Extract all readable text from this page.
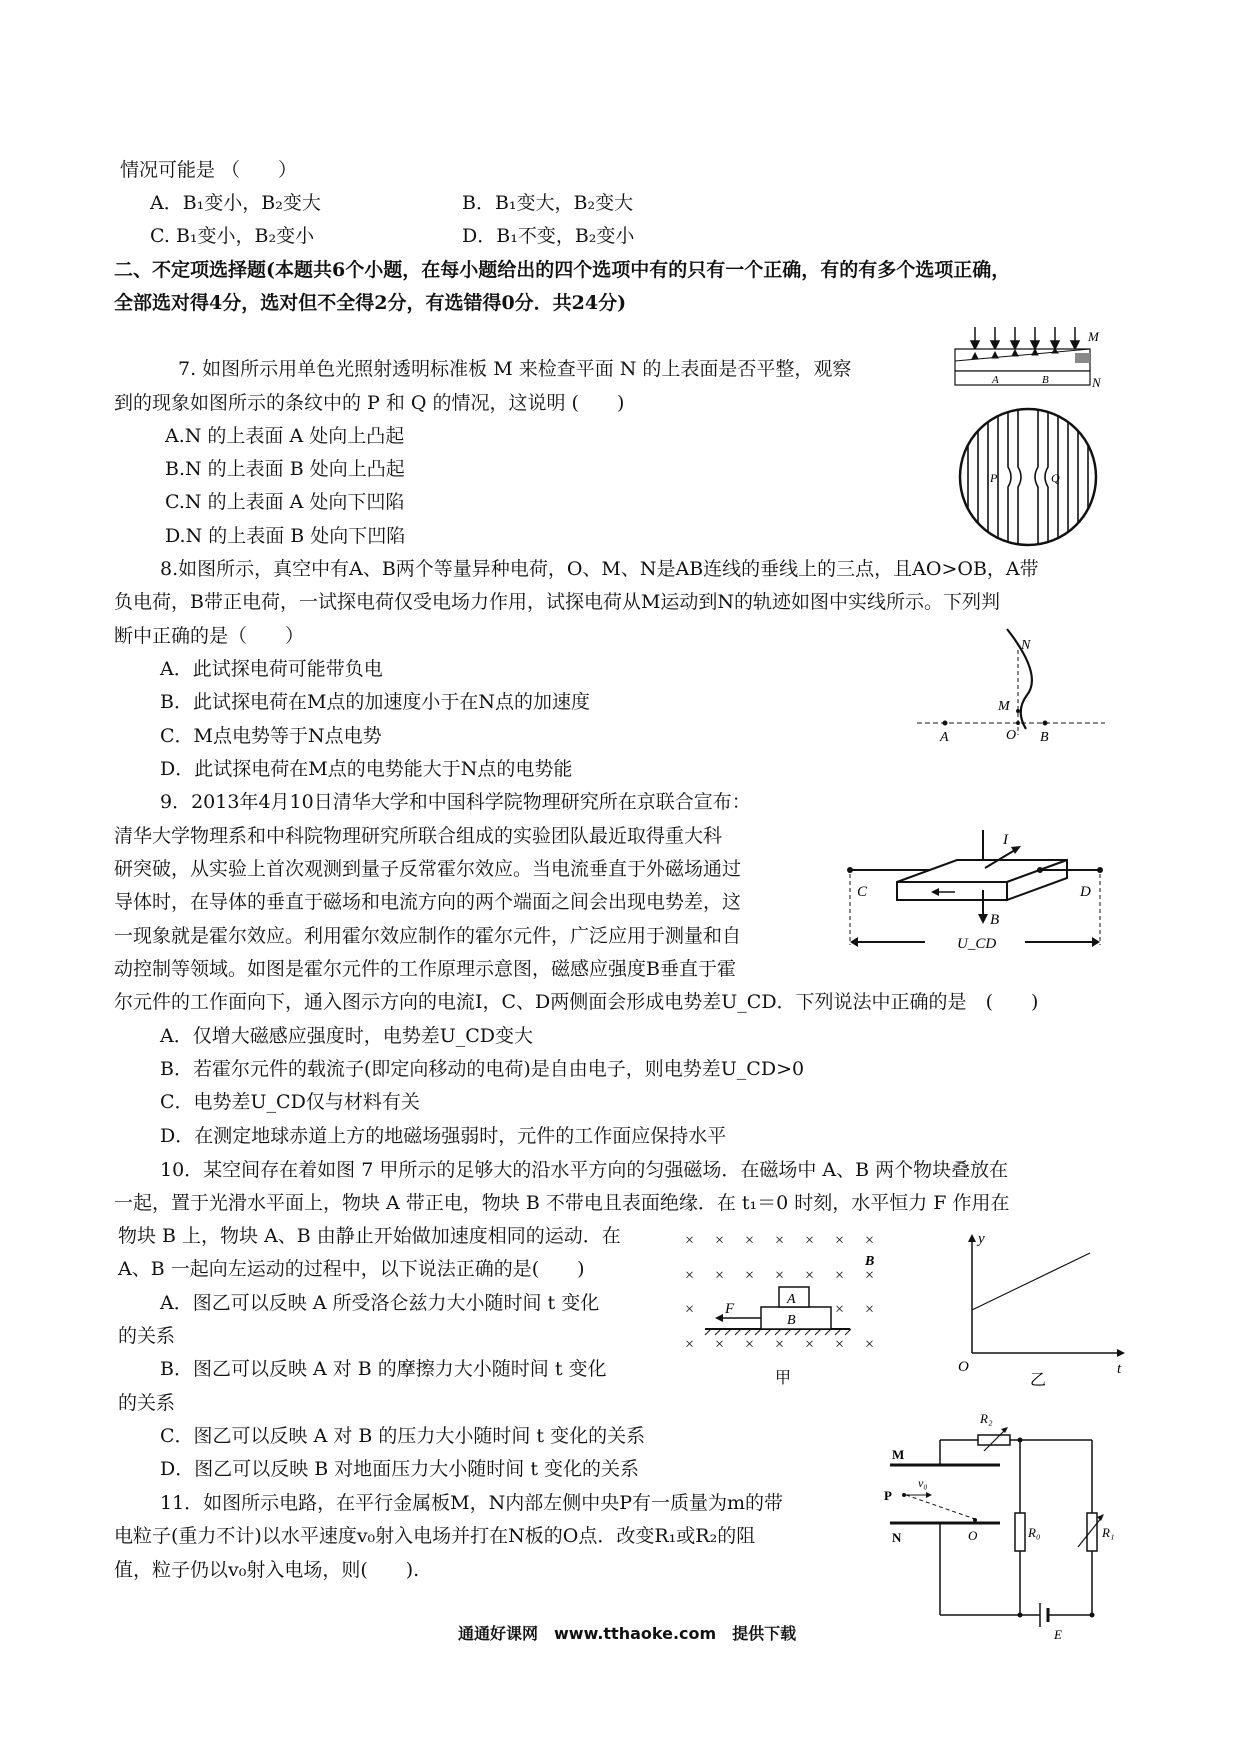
情况可能是 （　　）
A．B₁变小，B₂变大	B．B₁变大，B₂变大
C. B₁变小，B₂变小	D．B₁不变，B₂变小
二、不定项选择题(本题共6个小题，在每小题给出的四个选项中有的只有一个正确，有的有多个选项正确，
全部选对得4分，选对但不全得2分，有选错得0分．共24分)
7. 如图所示用单色光照射透明标准板 M 来检查平面 N 的上表面是否平整，观察
到的现象如图所示的条纹中的 P 和 Q 的情况，这说明 (　　)
A.N 的上表面 A 处向上凸起
B.N 的上表面 B 处向上凸起
C.N 的上表面 A 处向下凹陷
D.N 的上表面 B 处向下凹陷
M
N
A	B
P	Q
8.如图所示，真空中有A、B两个等量异种电荷，O、M、N是AB连线的垂线上的三点，且AO>OB，A带
负电荷，B带正电荷，一试探电荷仅受电场力作用，试探电荷从M运动到N的轨迹如图中实线所示。下列判
断中正确的是（　　）
A．此试探电荷可能带负电
B．此试探电荷在M点的加速度小于在N点的加速度
C．M点电势等于N点电势
D．此试探电荷在M点的电势能大于N点的电势能
N
M
A	O B
9．2013年4月10日清华大学和中国科学院物理研究所在京联合宣布：
清华大学物理系和中科院物理研究所联合组成的实验团队最近取得重大科
研突破，从实验上首次观测到量子反常霍尔效应。当电流垂直于外磁场通过
导体时，在导体的垂直于磁场和电流方向的两个端面之间会出现电势差，这
一现象就是霍尔效应。利用霍尔效应制作的霍尔元件，广泛应用于测量和自
动控制等领域。如图是霍尔元件的工作原理示意图，磁感应强度B垂直于霍
尔元件的工作面向下，通入图示方向的电流I，C、D两侧面会形成电势差U_CD．下列说法中正确的是　(　　)
A．仅增大磁感应强度时，电势差U_CD变大
B．若霍尔元件的载流子(即定向移动的电荷)是自由电子，则电势差U_CD>0
C．电势差U_CD仅与材料有关
D．在测定地球赤道上方的地磁场强弱时，元件的工作面应保持水平
C	D
I
B
U_CD
10．某空间存在着如图 7 甲所示的足够大的沿水平方向的匀强磁场．在磁场中 A、B 两个物块叠放在
一起，置于光滑水平面上，物块 A 带正电，物块 B 不带电且表面绝缘．在 t₁＝0 时刻，水平恒力 F 作用在
物块 B 上，物块 A、B 由静止开始做加速度相同的运动．在
A、B 一起向左运动的过程中，以下说法正确的是(　　)
A．图乙可以反映 A 所受洛仑兹力大小随时间 t 变化
的关系
B．图乙可以反映 A 对 B 的摩擦力大小随时间 t 变化
的关系
C．图乙可以反映 A 对 B 的压力大小随时间 t 变化的关系
D．图乙可以反映 B 对地面压力大小随时间 t 变化的关系
× × × × × × ×
× × × × × × ×
×	× ×
× × × × × × ×
F
A
B
B
甲
y
t
O
乙
11．如图所示电路，在平行金属板M，N内部左侧中央P有一质量为m的带
电粒子(重力不计)以水平速度v₀射入电场并打在N板的O点．改变R₁或R₂的阻
值，粒子仍以v₀射入电场，则(　　).
R₂
R₀	R₁
M
N
P
O
v₀
E
通通好课网　www.tthaoke.com　提供下载
